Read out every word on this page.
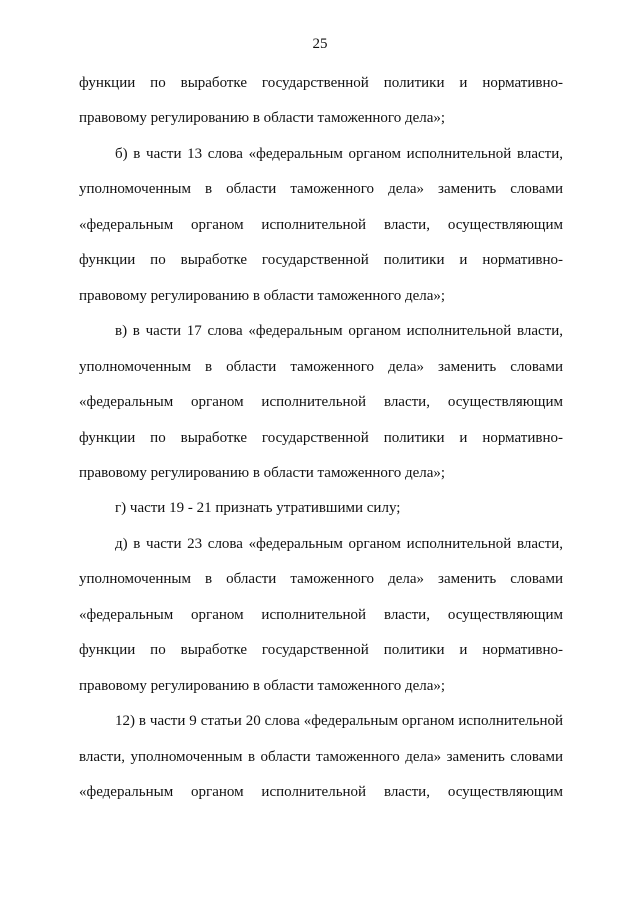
25
функции по выработке государственной политики и нормативно-
правовому регулированию в области таможенного дела»;
б) в части 13 слова «федеральным органом исполнительной власти,
уполномоченным в области таможенного дела» заменить словами
«федеральным органом исполнительной власти, осуществляющим
функции по выработке государственной политики и нормативно-
правовому регулированию в области таможенного дела»;
в) в части 17 слова «федеральным органом исполнительной власти,
уполномоченным в области таможенного дела» заменить словами
«федеральным органом исполнительной власти, осуществляющим
функции по выработке государственной политики и нормативно-
правовому регулированию в области таможенного дела»;
г) части 19 - 21 признать утратившими силу;
д) в части 23 слова «федеральным органом исполнительной власти,
уполномоченным в области таможенного дела» заменить словами
«федеральным органом исполнительной власти, осуществляющим
функции по выработке государственной политики и нормативно-
правовому регулированию в области таможенного дела»;
12) в части 9 статьи 20 слова «федеральным органом исполнительной
власти, уполномоченным в области таможенного дела» заменить словами
«федеральным органом исполнительной власти, осуществляющим
